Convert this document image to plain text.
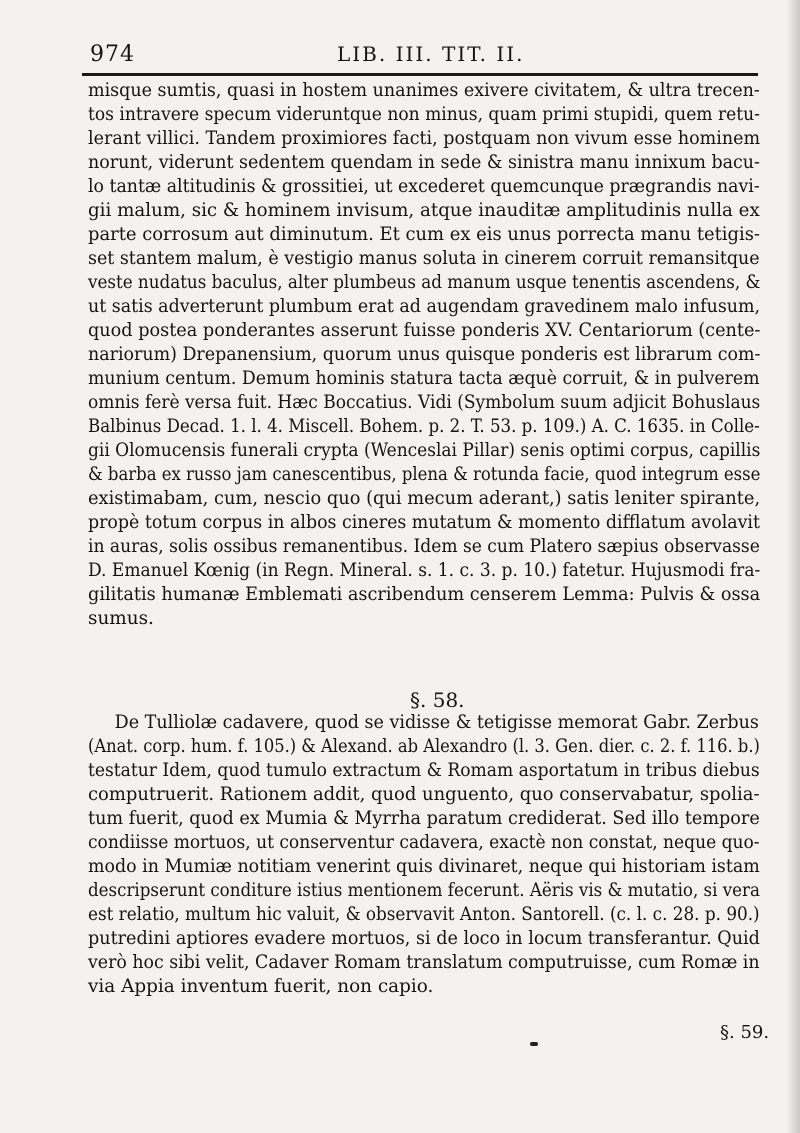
974	LIB. III. TIT. II.
misque sumtis, quasi in hostem unanimes exivere civitatem, & ultra trecen-
tos intravere specum videruntque non minus, quam primi stupidi, quem retu-
lerant villici. Tandem proximiores facti, postquam non vivum esse hominem
norunt, viderunt sedentem quendam in sede & sinistra manu innixum bacu-
lo tantæ altitudinis & grossitiei, ut excederet quemcunque prægrandis navi-
gii malum, sic & hominem invisum, atque inauditæ amplitudinis nulla ex
parte corrosum aut diminutum. Et cum ex eis unus porrecta manu tetigis-
set stantem malum, è vestigio manus soluta in cinerem corruit remansitque
veste nudatus baculus, alter plumbeus ad manum usque tenentis ascendens, &
ut satis adverterunt plumbum erat ad augendam gravedinem malo infusum,
quod postea ponderantes asserunt fuisse ponderis XV. Centariorum (cente-
nariorum) Drepanensium, quorum unus quisque ponderis est librarum com-
munium centum. Demum hominis statura tacta æquè corruit, & in pulverem
omnis ferè versa fuit. Hæc Boccatius. Vidi (Symbolum suum adjicit Bohuslaus
Balbinus Decad. 1. l. 4. Miscell. Bohem. p. 2. T. 53. p. 109.) A. C. 1635. in Colle-
gii Olomucensis funerali crypta (Wenceslai Pillar) senis optimi corpus, capillis
& barba ex russo jam canescentibus, plena & rotunda facie, quod integrum esse
existimabam, cum, nescio quo (qui mecum aderant,) satis leniter spirante,
propè totum corpus in albos cineres mutatum & momento difflatum avolavit
in auras, solis ossibus remanentibus. Idem se cum Platero sæpius observasse
D. Emanuel Kœnig (in Regn. Mineral. s. 1. c. 3. p. 10.) fatetur. Hujusmodi fra-
gilitatis humanæ Emblemati ascribendum censerem Lemma: Pulvis & ossa
sumus.
§. 58.
De Tulliolæ cadavere, quod se vidisse & tetigisse memorat Gabr. Zerbus
(Anat. corp. hum. f. 105.) & Alexand. ab Alexandro (l. 3. Gen. dier. c. 2. f. 116. b.)
testatur Idem, quod tumulo extractum & Romam asportatum in tribus diebus
computruerit. Rationem addit, quod unguento, quo conservabatur, spolia-
tum fuerit, quod ex Mumia & Myrrha paratum crediderat. Sed illo tempore
condiisse mortuos, ut conserventur cadavera, exactè non constat, neque quo-
modo in Mumiæ notitiam venerint quis divinaret, neque qui historiam istam
descripserunt conditure istius mentionem fecerunt. Aëris vis & mutatio, si vera
est relatio, multum hic valuit, & observavit Anton. Santorell. (c. l. c. 28. p. 90.)
putredini aptiores evadere mortuos, si de loco in locum transferantur. Quid
verò hoc sibi velit, Cadaver Romam translatum computruisse, cum Romæ in
via Appia inventum fuerit, non capio.
§. 59.
